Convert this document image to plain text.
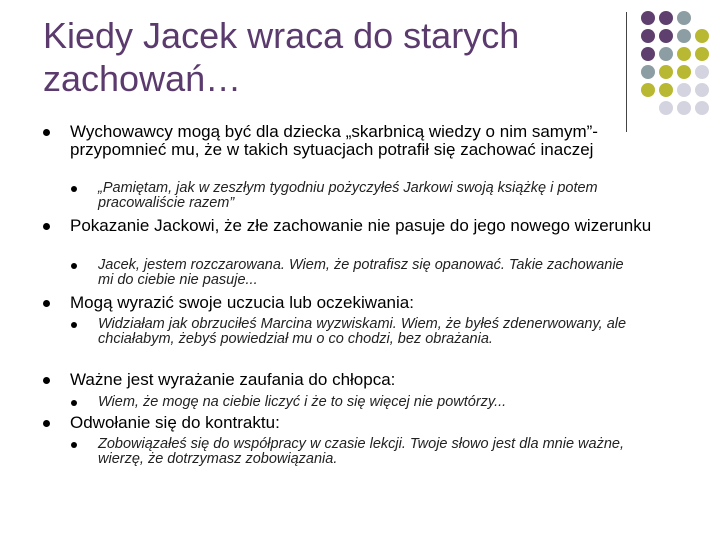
Kiedy Jacek wraca do starych
zachowań…
Wychowawcy mogą być dla dziecka „skarbnicą wiedzy o nim samym”- przypomnieć mu, że w takich sytuacjach potrafił się zachować inaczej
„Pamiętam, jak w zeszłym tygodniu pożyczyłeś Jarkowi swoją książkę i potem pracowaliście razem”
Pokazanie Jackowi, że złe zachowanie nie pasuje do jego nowego wizerunku
Jacek, jestem rozczarowana. Wiem, że potrafisz się opanować. Takie zachowanie mi do ciebie nie pasuje...
Mogą wyrazić swoje uczucia lub oczekiwania:
Widziałam jak obrzuciłeś Marcina wyzwiskami. Wiem, że byłeś zdenerwowany, ale chciałabym, żebyś powiedział mu o co chodzi, bez obrażania.
Ważne jest wyrażanie zaufania do chłopca:
Wiem, że mogę na ciebie liczyć i że to się więcej nie powtórzy...
Odwołanie się do kontraktu:
Zobowiązałeś się do współpracy w czasie lekcji. Twoje słowo jest dla mnie ważne, wierzę, że dotrzymasz zobowiązania.
